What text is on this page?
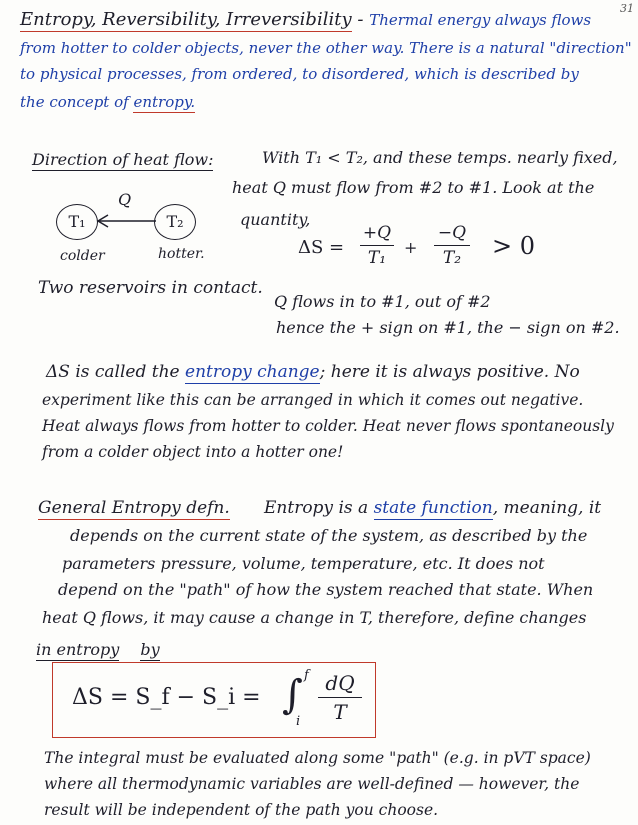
31
Entropy, Reversibility, Irreversibility - Thermal energy always flows
from hotter to colder objects, never the other way. There is a natural "direction"
to physical processes, from ordered, to disordered, which is described by
the concept of entropy.
Direction of heat flow:	With T₁ < T₂, and these temps. nearly fixed,
heat Q must flow from #2 to #1. Look at the
quantity,
Q
T₁	T₂
colder	hotter.	ΔS =
+Q
T₁
+
−Q
T₂	> 0
Two reservoirs in contact.
Q flows in to #1, out of #2
hence the + sign on #1, the − sign on #2.
ΔS is called the entropy change; here it is always positive. No
experiment like this can be arranged in which it comes out negative.
Heat always flows from hotter to colder. Heat never flows spontaneously
from a colder object into a hotter one!
General Entropy defn. Entropy is a state function, meaning, it
depends on the current state of the system, as described by the
parameters pressure, volume, temperature, etc. It does not
depend on the "path" of how the system reached that state. When
heat Q flows, it may cause a change in T, therefore, define changes
in entropy by
ΔS = S_f − S_i = ∫ f
i
dQ
T
The integral must be evaluated along some "path" (e.g. in pVT space)
where all thermodynamic variables are well-defined — however, the
result will be independent of the path you choose.
